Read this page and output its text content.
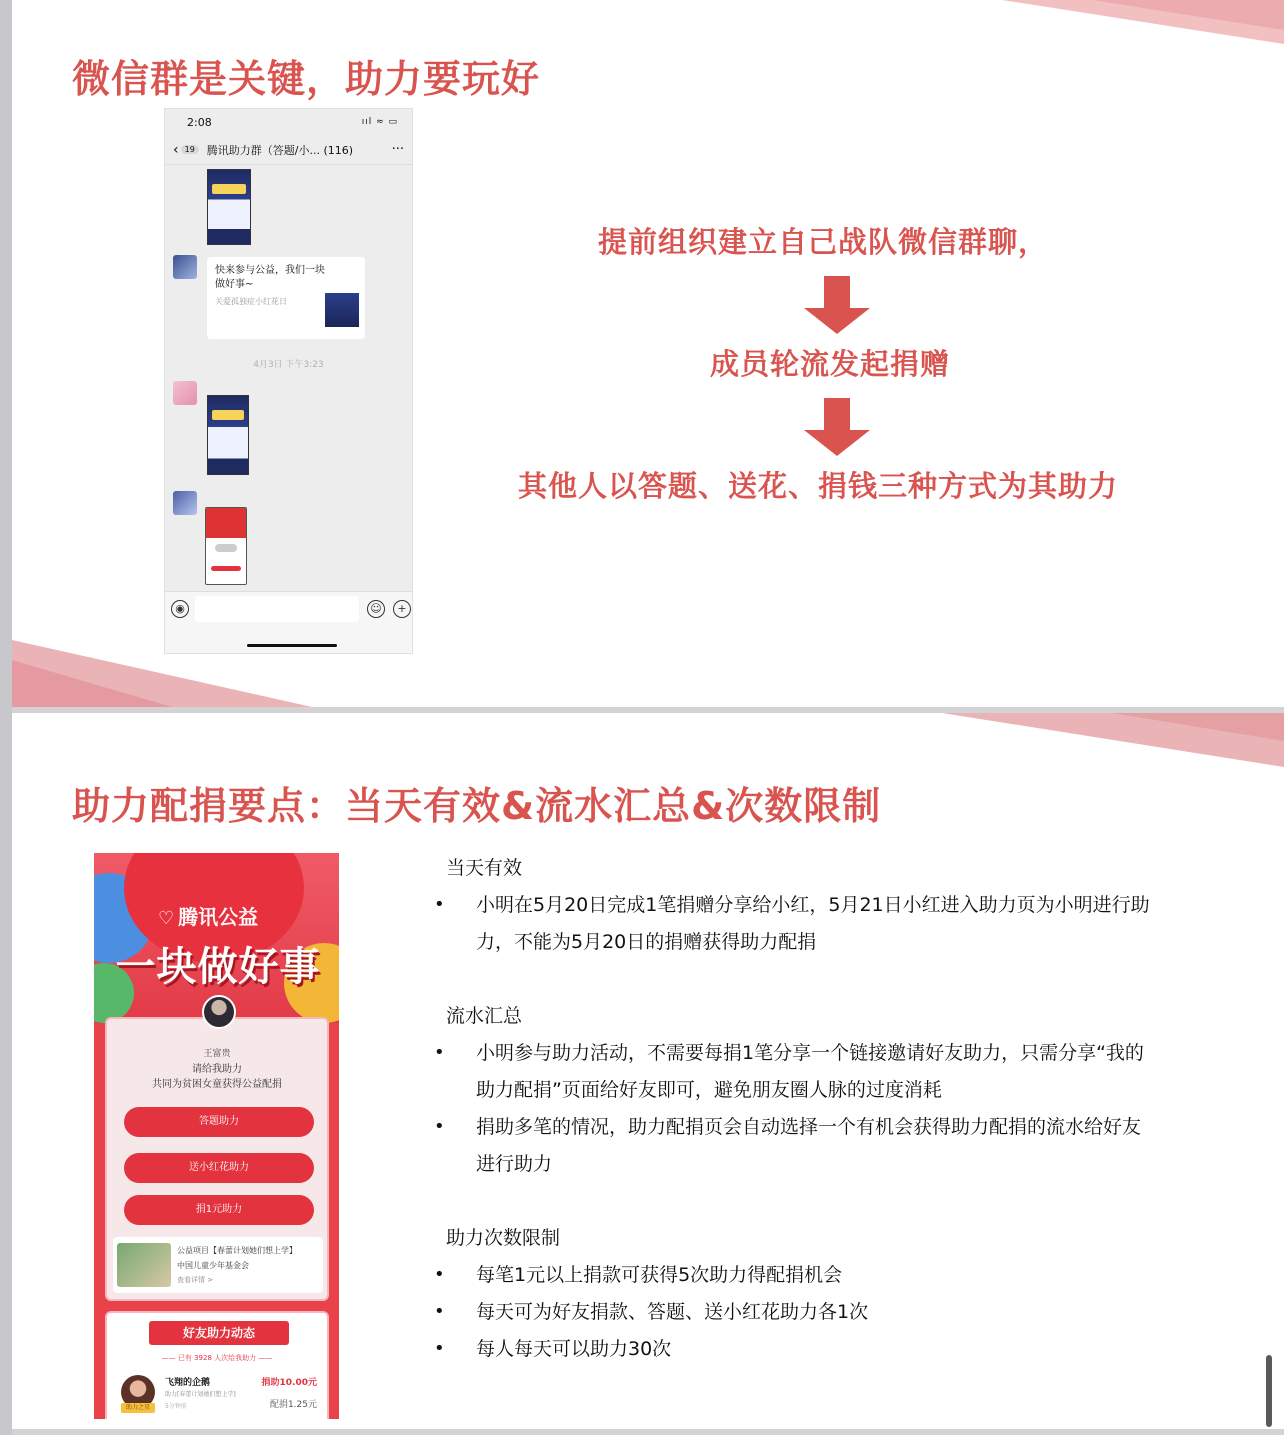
微信群是关键，助力要玩好
2:08	ııl ≈ ▭
‹ 19	腾讯助力群（答题/小... (116)	···
快来参与公益，我们一块做好事~
关爱孤独症小红花日
4月3日 下午3:23
◉	☺	+
提前组织建立自己战队微信群聊，
成员轮流发起捐赠
其他人以答题、送花、捐钱三种方式为其助力
助力配捐要点：当天有效&流水汇总&次数限制
♡ 腾讯公益
一块做好事
王富贵
请给我助力
共同为贫困女童获得公益配捐
答题助力
送小红花助力
捐1元助力
公益项目【春蕾计划她们想上学】
中国儿童少年基金会
查看详情 >
好友助力动态
—— 已有 3928 人次给我助力 ——
助力之星
飞翔的企鹅
助力[春蕾计划她们想上学]
5分钟前
捐助10.00元
配捐1.25元
当天有效
• 小明在5月20日完成1笔捐赠分享给小红，5月21日小红进入助力页为小明进行助力，不能为5月20日的捐赠获得助力配捐
流水汇总
• 小明参与助力活动，不需要每捐1笔分享一个链接邀请好友助力，只需分享“我的助力配捐”页面给好友即可，避免朋友圈人脉的过度消耗
• 捐助多笔的情况，助力配捐页会自动选择一个有机会获得助力配捐的流水给好友进行助力
助力次数限制
• 每笔1元以上捐款可获得5次助力得配捐机会
• 每天可为好友捐款、答题、送小红花助力各1次
• 每人每天可以助力30次
